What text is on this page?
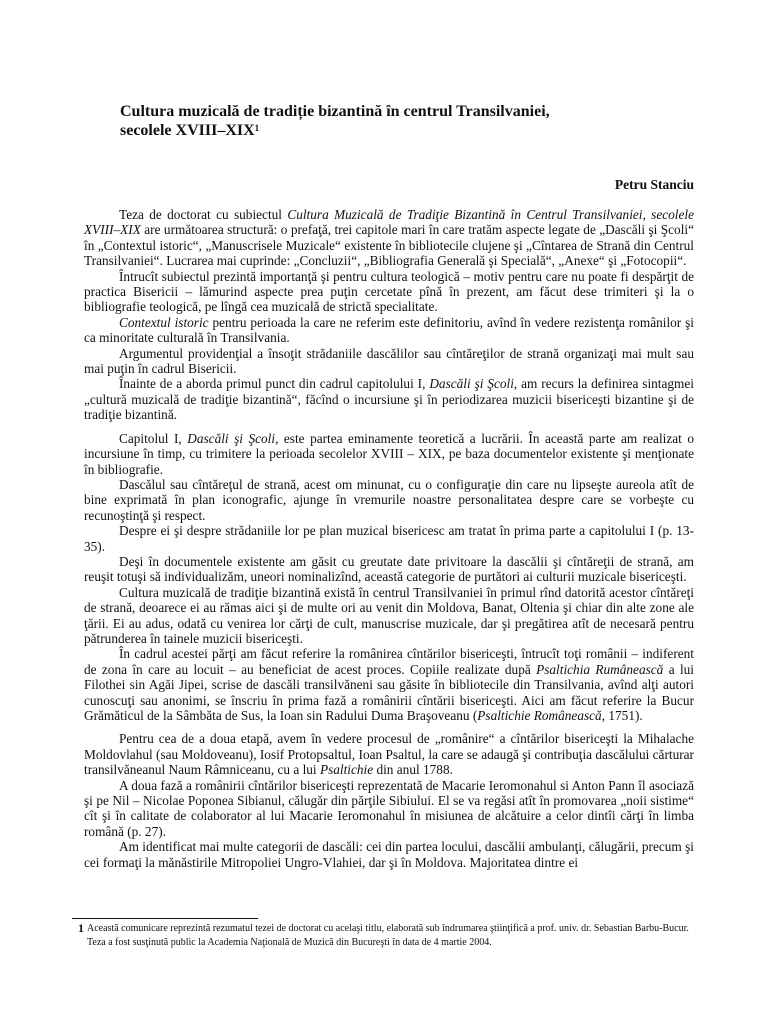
Cultura muzicală de tradiție bizantină în centrul Transilvaniei,
secolele XVIII–XIX$^1$
Petru Stanciu

Teza de doctorat cu subiectul Cultura Muzicală de Tradiţie Bizantină în Centrul Transilvaniei, secolele XVIII–XIX are următoarea structură: o prefaţă, trei capitole mari în care tratăm aspecte legate de „Dascăli şi Şcoli“ în „Contextul istoric“, „Manuscrisele Muzicale“ existente în bibliotecile clujene şi „Cîntarea de Strană din Centrul Transilvaniei“. Lucrarea mai cuprinde: „Concluzii“, „Bibliografia Generală şi Specială“, „Anexe“ şi „Fotocopii“.

Întrucît subiectul prezintă importanţă şi pentru cultura teologică – motiv pentru care nu poate fi despărţit de practica Bisericii – lămurind aspecte prea puţin cercetate pînă în prezent, am făcut dese trimiteri şi la o bibliografie teologică, pe lîngă cea muzicală de strictă specialitate.

Contextul istoric pentru perioada la care ne referim este definitoriu, avînd în vedere rezistenţa românilor şi ca minoritate culturală în Transilvania.

Argumentul providenţial a însoţit strădaniile dascălilor sau cîntăreţilor de strană organizaţi mai mult sau mai puţin în cadrul Bisericii.

Înainte de a aborda primul punct din cadrul capitolului I, Dascăli şi Şcoli, am recurs la definirea sintagmei „cultură muzicală de tradiţie bizantină“, făcînd o incursiune şi în periodizarea muzicii bisericeşti bizantine şi de tradiţie bizantină.

Capitolul I, Dascăli şi Şcoli, este partea eminamente teoretică a lucrării. În această parte am realizat o incursiune în timp, cu trimitere la perioada secolelor XVIII – XIX, pe baza documentelor existente şi menţionate în bibliografie.

Dascălul sau cîntăreţul de strană, acest om minunat, cu o configuraţie din care nu lipseşte aureola atît de bine exprimată în plan iconografic, ajunge în vremurile noastre personalitatea despre care se vorbeşte cu recunoştinţă şi respect.

Despre ei şi despre strădaniile lor pe plan muzical bisericesc am tratat în prima parte a capitolului I (p. 13-35).

Deşi în documentele existente am găsit cu greutate date privitoare la dascălii şi cîntăreţii de strană, am reuşit totuşi să individualizăm, uneori nominalizînd, această categorie de purtători ai culturii muzicale bisericeşti.

Cultura muzicală de tradiţie bizantină există în centrul Transilvaniei în primul rînd datorită acestor cîntăreţi de strană, deoarece ei au rămas aici şi de multe ori au venit din Moldova, Banat, Oltenia şi chiar din alte zone ale ţării. Ei au adus, odată cu venirea lor cărţi de cult, manuscrise muzicale, dar şi pregătirea atît de necesară pentru pătrunderea în tainele muzicii bisericeşti.

În cadrul acestei părţi am făcut referire la românirea cîntărilor bisericeşti, întrucît toţi românii – indiferent de zona în care au locuit – au beneficiat de acest proces. Copiile realizate după Psaltichia Rumânească a lui Filothei sin Agăi Jipei, scrise de dascăli transilvăneni sau găsite în bibliotecile din Transilvania, avînd alţi autori cunoscuţi sau anonimi, se înscriu în prima fază a românirii cîntării bisericeşti. Aici am făcut referire la Bucur Grămăticul de la Sâmbăta de Sus, la Ioan sin Radului Duma Braşoveanu (Psaltichie Românească, 1751).

Pentru cea de a doua etapă, avem în vedere procesul de „românire“ a cîntărilor bisericeşti la Mihalache Moldovlahul (sau Moldoveanu), Iosif Protopsaltul, Ioan Psaltul, la care se adaugă şi contribuţia dascălului cărturar transilvăneanul Naum Râmniceanu, cu a lui Psaltichie din anul 1788.

A doua fază a românirii cîntărilor bisericeşti reprezentată de Macarie Ieromonahul si Anton Pann îl asociază şi pe Nil – Nicolae Poponea Sibianul, călugăr din părţile Sibiului. El se va regăsi atît în promovarea „noii sistime“ cît şi în calitate de colaborator al lui Macarie Ieromonahul în misiunea de alcătuire a celor dintîi cărţi în limba română (p. 27).

Am identificat mai multe categorii de dascăli: cei din partea locului, dascălii ambulanţi, călugării, precum şi cei formaţi la mănăstirile Mitropoliei Ungro-Vlahiei, dar şi în Moldova. Majoritatea dintre ei

1 Această comunicare reprezintă rezumatul tezei de doctorat cu acelaşi titlu, elaborată sub îndrumarea ştiinţifică a prof. univ. dr. Sebastian Barbu-Bucur. Teza a fost susţinută public la Academia Naţională de Muzică din Bucureşti în data de 4 martie 2004.
